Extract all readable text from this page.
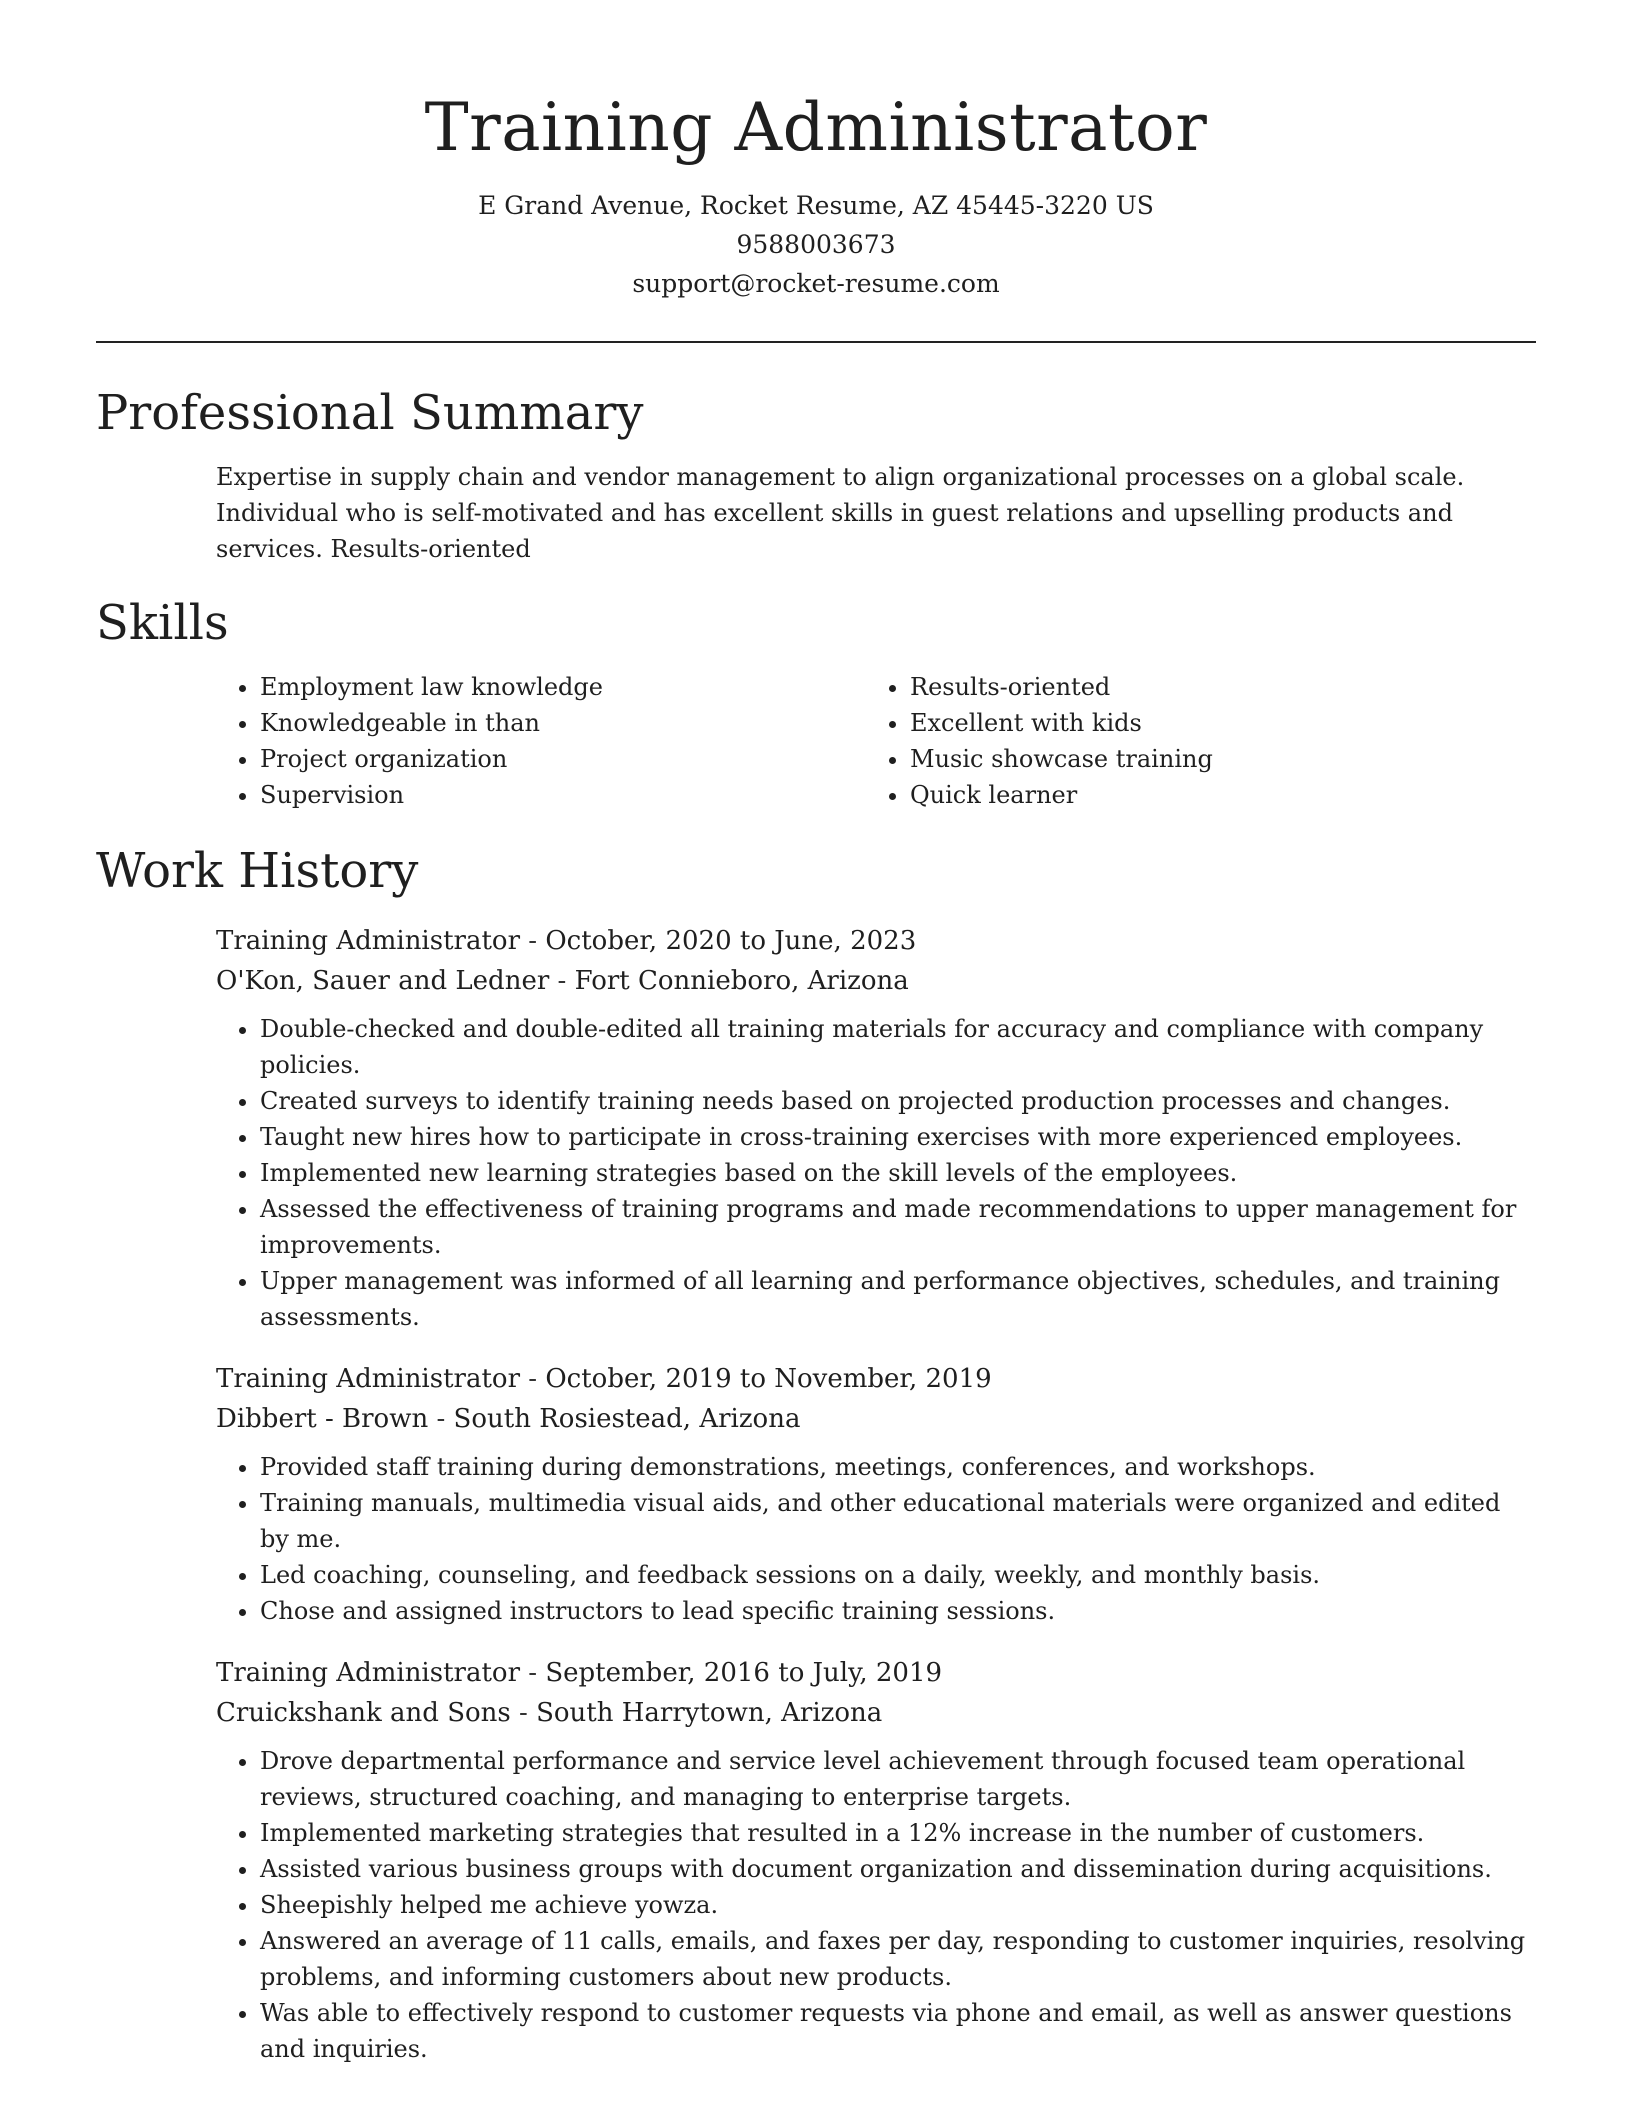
Training Administrator
E Grand Avenue, Rocket Resume, AZ 45445-3220 US
9588003673
support@rocket-resume.com
Professional Summary

Expertise in supply chain and vendor management to align organizational processes on a global scale. Individual who is self-motivated and has excellent skills in guest relations and upselling products and services. Results-oriented

Skills
• Employment law knowledge
• Knowledgeable in than
• Project organization
• Supervision
• Results-oriented
• Excellent with kids
• Music showcase training
• Quick learner
Work History
Training Administrator - October, 2020 to June, 2023
O'Kon, Sauer and Ledner - Fort Connieboro, Arizona
• Double-checked and double-edited all training materials for accuracy and compliance with company policies.
• Created surveys to identify training needs based on projected production processes and changes.
• Taught new hires how to participate in cross-training exercises with more experienced employees.
• Implemented new learning strategies based on the skill levels of the employees.
• Assessed the effectiveness of training programs and made recommendations to upper management for improvements.
• Upper management was informed of all learning and performance objectives, schedules, and training assessments.
Training Administrator - October, 2019 to November, 2019
Dibbert - Brown - South Rosiestead, Arizona
• Provided staff training during demonstrations, meetings, conferences, and workshops.
• Training manuals, multimedia visual aids, and other educational materials were organized and edited by me.
• Led coaching, counseling, and feedback sessions on a daily, weekly, and monthly basis.
• Chose and assigned instructors to lead specific training sessions.
Training Administrator - September, 2016 to July, 2019
Cruickshank and Sons - South Harrytown, Arizona
• Drove departmental performance and service level achievement through focused team operational reviews, structured coaching, and managing to enterprise targets.
• Implemented marketing strategies that resulted in a 12% increase in the number of customers.
• Assisted various business groups with document organization and dissemination during acquisitions.
• Sheepishly helped me achieve yowza.
• Answered an average of 11 calls, emails, and faxes per day, responding to customer inquiries, resolving problems, and informing customers about new products.
• Was able to effectively respond to customer requests via phone and email, as well as answer questions and inquiries.
